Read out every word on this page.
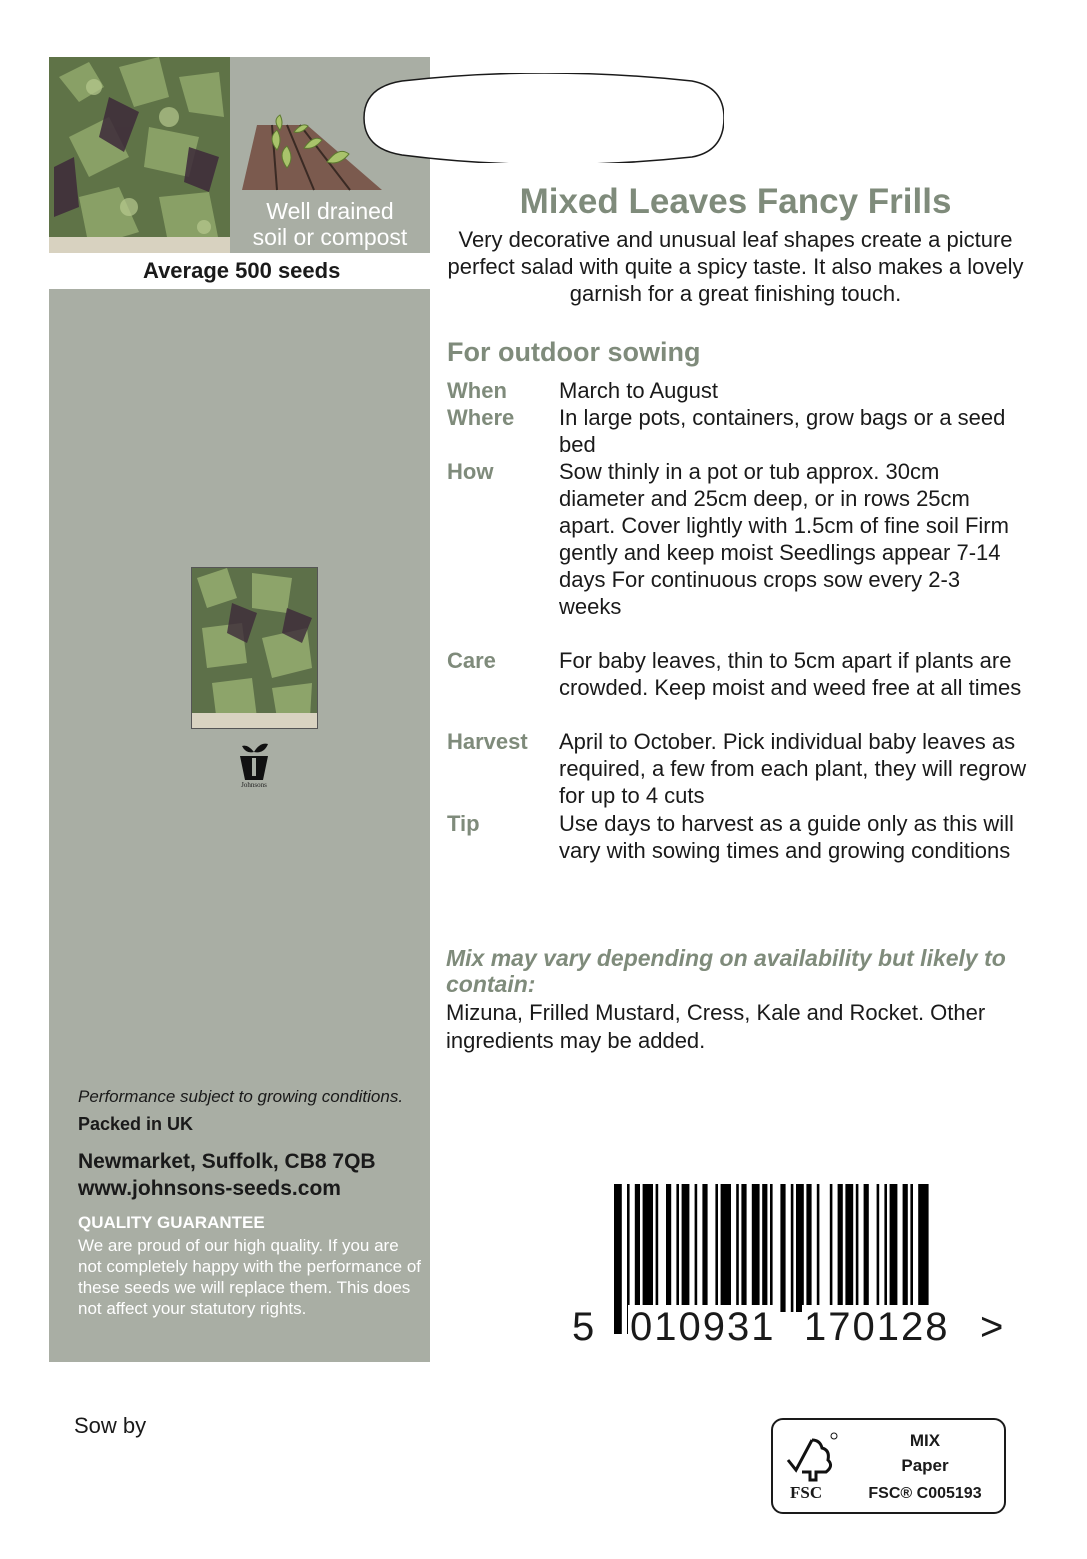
Well drained
soil or compost
Average 500 seeds
Johnsons
Performance subject to growing conditions.
Packed in UK
Newmarket, Suffolk, CB8 7QB
www.johnsons-seeds.com
QUALITY GUARANTEE
We are proud of our high quality. If you are not completely happy with the performance of these seeds we will replace them. This does not affect your statutory rights.
Mixed Leaves Fancy Frills
Very decorative and unusual leaf shapes create a picture perfect salad with quite a spicy taste. It also makes a lovely garnish for a great finishing touch.
For outdoor sowing
When March to August
Where In large pots, containers, grow bags or a seed bed
How	Sow thinly in a pot or tub approx. 30cm diameter and 25cm deep, or in rows 25cm apart. Cover lightly with 1.5cm of fine soil Firm gently and keep moist Seedlings appear 7-14 days For continuous crops sow every 2-3 weeks
Care	For baby leaves, thin to 5cm apart if plants are crowded. Keep moist and weed free at all times
Harvest April to October. Pick individual baby leaves as required, a few from each plant, they will regrow for up to 4 cuts
Tip	Use days to harvest as a guide only as this will vary with sowing times and growing conditions
Mix may vary depending on availability but likely to contain:
Mizuna, Frilled Mustard, Cress, Kale and Rocket. Other ingredients may be added.
5 010931 170128 >
Sow by
FSC
MIX
Paper
FSC® C005193
